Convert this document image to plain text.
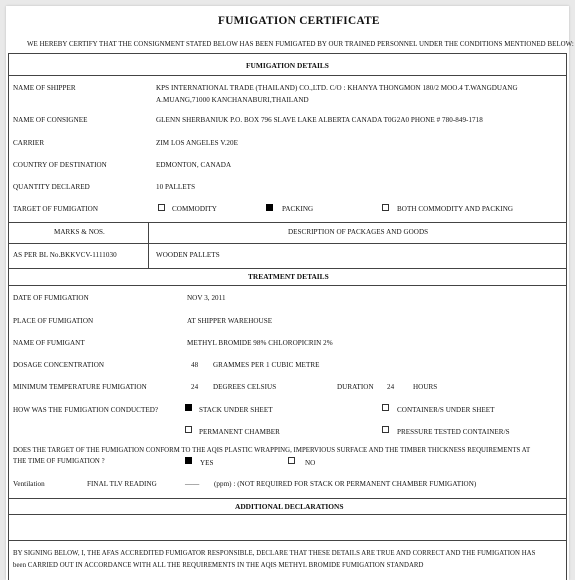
FUMIGATION CERTIFICATE
WE HEREBY CERTIFY THAT THE CONSIGNMENT STATED BELOW HAS BEEN FUMIGATED BY OUR TRAINED PERSONNEL UNDER THE CONDITIONS MENTIONED BELOW:
FUMIGATION DETAILS
NAME OF SHIPPER	KPS INTERNATIONAL TRADE (THAILAND) CO.,LTD. C/O : KHANYA THONGMON 180/2 MOO.4 T.WANGDUANG
A.MUANG,71000 KANCHANABURI,THAILAND
NAME OF CONSIGNEE	GLENN SHERBANIUK P.O. BOX 796 SLAVE LAKE ALBERTA CANADA T0G2A0 PHONE # 780-849-1718
CARRIER	ZIM LOS ANGELES V.20E
COUNTRY OF DESTINATION	EDMONTON, CANADA
QUANTITY DECLARED	10 PALLETS
TARGET OF FUMIGATION	COMMODITY	PACKING	BOTH COMMODITY AND PACKING
MARKS & NOS.	DESCRIPTION OF PACKAGES AND GOODS
AS PER BL No.BKKVCV-1111030	WOODEN PALLETS
TREATMENT DETAILS
DATE OF FUMIGATION	NOV 3, 2011
PLACE OF FUMIGATION	AT SHIPPER WAREHOUSE
NAME OF FUMIGANT	METHYL BROMIDE 98% CHLOROPICRIN 2%
DOSAGE CONCENTRATION	48 GRAMMES PER 1 CUBIC METRE
MINIMUM TEMPERATURE FUMIGATION	24 DEGREES CELSIUS	DURATION 24	HOURS
HOW WAS THE FUMIGATION CONDUCTED?	STACK UNDER SHEET	CONTAINER/S UNDER SHEET
PERMANENT CHAMBER	PRESSURE TESTED CONTAINER/S
DOES THE TARGET OF THE FUMIGATION CONFORM TO THE AQIS PLASTIC WRAPPING, IMPERVIOUS SURFACE AND THE TIMBER THICKNESS REQUIREMENTS AT
THE TIME OF FUMIGATION ?	YES	NO
Ventilation	FINAL TLV READING	—— (ppm) : (NOT REQUIRED FOR STACK OR PERMANENT CHAMBER FUMIGATION)
ADDITIONAL DECLARATIONS
BY SIGNING BELOW, I, THE AFAS ACCREDITED FUMIGATOR RESPONSIBLE, DECLARE THAT THESE DETAILS ARE TRUE AND CORRECT AND THE FUMIGATION HAS
been CARRIED OUT IN ACCORDANCE WITH ALL THE REQUIREMENTS IN THE AQIS METHYL BROMIDE FUMIGATION STANDARD
